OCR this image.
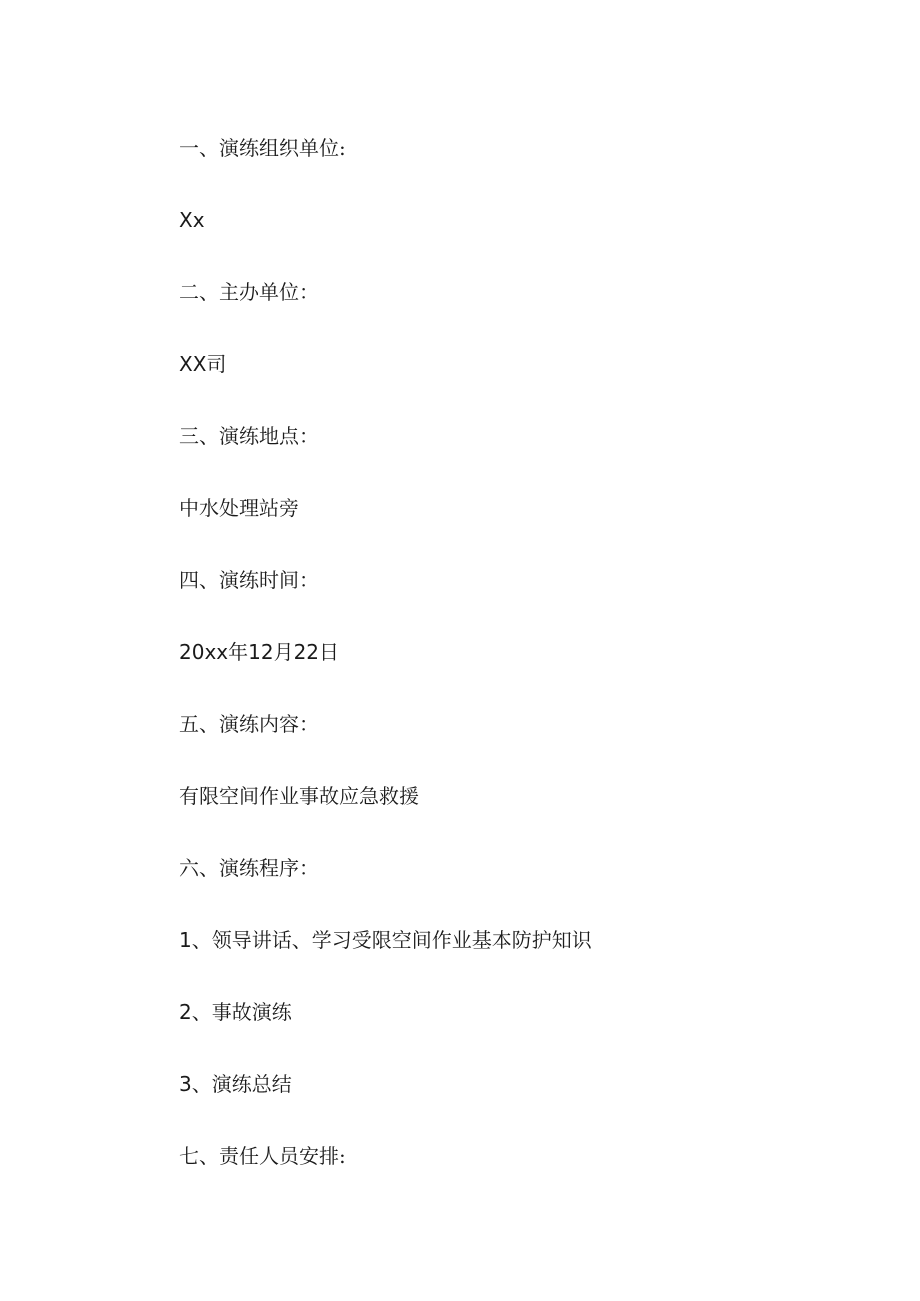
一、演练组织单位:
Xx
二、主办单位：
XX司
三、演练地点：
中水处理站旁
四、演练时间：
20xx年12月22日
五、演练内容：
有限空间作业事故应急救援
六、演练程序：
1、领导讲话、学习受限空间作业基本防护知识
2、事故演练
3、演练总结
七、责任人员安排:
